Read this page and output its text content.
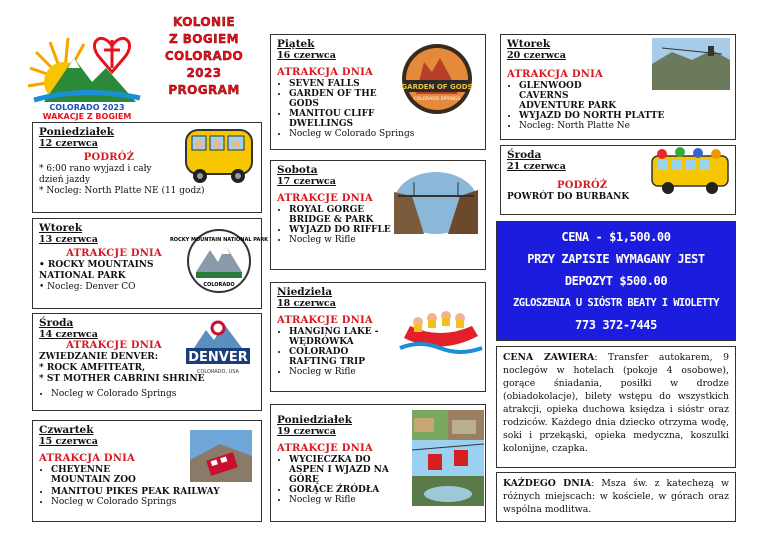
COLORADO 2023
WAKACJE Z BOGIEM
KOLONIE
Z BOGIEM
COLORADO
2023
PROGRAM
Poniedziałek
12 czerwca
PODRÓŻ
* 6:00 rano wyjazd i cały
dzień jazdy
* Nocleg: North Platte NE (11 godz)
Wtorek
13 czerwca
ATRAKCJE DNIA
• ROCKY MOUNTAINS NATIONAL PARK
• Nocleg: Denver CO
ROCKY MOUNTAIN NATIONAL PARK
COLORADO
Środa
14 czerwca
ATRAKCJE DNIA
ZWIEDZANIE DENVER:
* ROCK AMFITEATR,
* ST MOTHER CABRINI SHRINE
• Nocleg w Colorado Springs
DENVER
COLORADO, USA
Czwartek
15 czerwca
ATRAKCJA DNIA
• CHEYENNE MOUNTAIN ZOO
• MANITOU PIKES PEAK RAILWAY
• Nocleg w Colorado Springs
Piątek
16 czerwca
ATRAKCJA DNIA
• SEVEN FALLS
• GARDEN OF THE GODS
• MANITOU CLIFF DWELLINGS
• Nocleg w Colorado Springs
GARDEN OF GODS
COLORADO SPRINGS
Sobota
17 czerwca
ATRAKCJE DNIA
• ROYAL GORGE BRIDGE & PARK
• WYJAZD DO RIFFLE
• Nocleg w Rifle
Niedziela
18 czerwca
ATRAKCJE DNIA
• HANGING LAKE - WĘDRÓWKA
• COLORADO RAFTING TRIP
• Nocleg w Rifle
Poniedziałek
19 czerwca
ATRAKCJE DNIA
• WYCIECZKA DO ASPEN I WJAZD NA GÓRĘ
• GORĄCE ŹRÓDŁA
• Nocleg w Rifle
Wtorek
20 czerwca
ATRAKCJA DNIA
• GLENWOOD CAVERNS ADVENTURE PARK
• WYJAZD DO NORTH PLATTE
• Nocleg: North Platte Ne
Środa
21 czerwca
PODRÓŻ
POWRÓT DO BURBANK
CENA - $1,500.00
PRZY ZAPISIE WYMAGANY JEST
DEPOZYT $500.00
ZGLOSZENIA U SIÓSTR BEATY I WIOLETTY
773 372-7445
CENA ZAWIERA: Transfer autokarem, 9 noclegów w hotelach (pokoje 4 osobowe), gorące śniadania, posiłki w drodze (obiadokolacje), bilety wstępu do wszystkich atrakcji, opieka duchowa księdza i sióstr oraz rodziców. Każdego dnia dziecko otrzyma wodę, soki i przekąski, opieka medyczna, koszulki kolonijne, czapka.
KAŻDEGO DNIA: Msza św. z katechezą w różnych miejscach: w kościele, w górach oraz wspólna modlitwa.
